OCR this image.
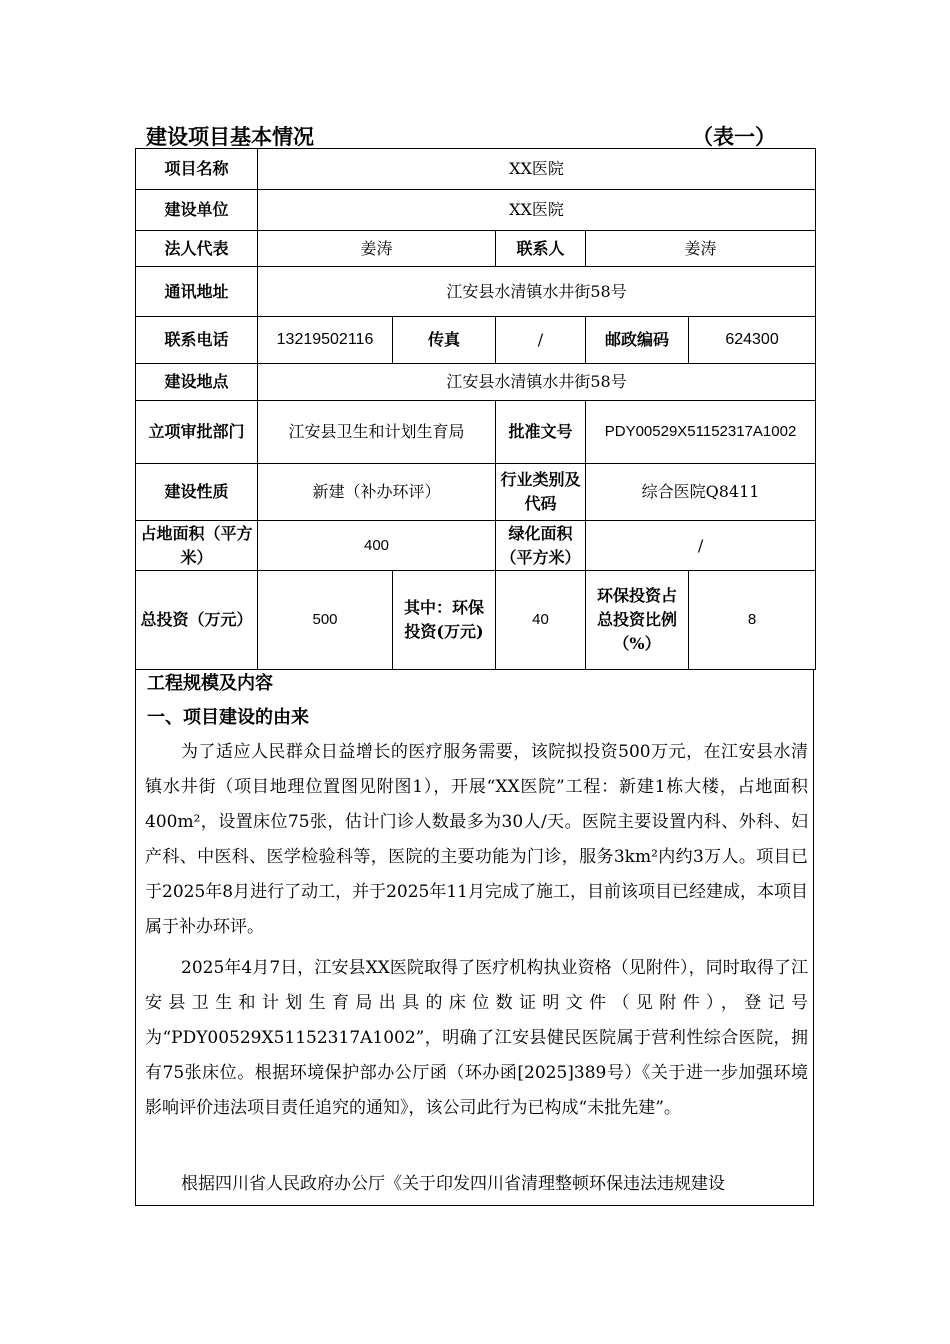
建设项目基本情况	（表一）
项目名称	XX医院				
建设单位	XX医院				
法人代表	姜涛		联系人	姜涛	
通讯地址	江安县水清镇水井街58号				
联系电话	13219502116	传真	/	邮政编码	624300
建设地点	江安县水清镇水井街58号				
立项审批部门	江安县卫生和计划生育局		批准文号	PDY00529X51152317A1002	
建设性质	新建（补办环评）		行业类别及代码	综合医院Q8411	
占地面积（平方米）	400		绿化面积（平方米）	/	
总投资（万元）	500	其中：环保投资(万元)	40	环保投资占总投资比例（%）	8
工程规模及内容
一、项目建设的由来

为了适应人民群众日益增长的医疗服务需要，该院拟投资500万元，在江安县水清镇水井街（项目地理位置图见附图1），开展“XX医院”工程：新建1栋大楼，占地面积400m²，设置床位75张，估计门诊人数最多为30人/天。医院主要设置内科、外科、妇产科、中医科、医学检验科等，医院的主要功能为门诊，服务3km²内约3万人。项目已于2025年8月进行了动工，并于2025年11月完成了施工，目前该项目已经建成，本项目属于补办环评。

2025年4月7日，江安县XX医院取得了医疗机构执业资格（见附件），同时取得了江安县卫生和计划生育局出具的床位数证明文件（见附件），登记号为“PDY00529X51152317A1002”，明确了江安县健民医院属于营利性综合医院，拥有75张床位。根据环境保护部办公厅函（环办函[2025]389号）《关于进一步加强环境影响评价违法项目责任追究的通知》，该公司此行为已构成“未批先建”。

根据四川省人民政府办公厅《关于印发四川省清理整顿环保违法违规建设
